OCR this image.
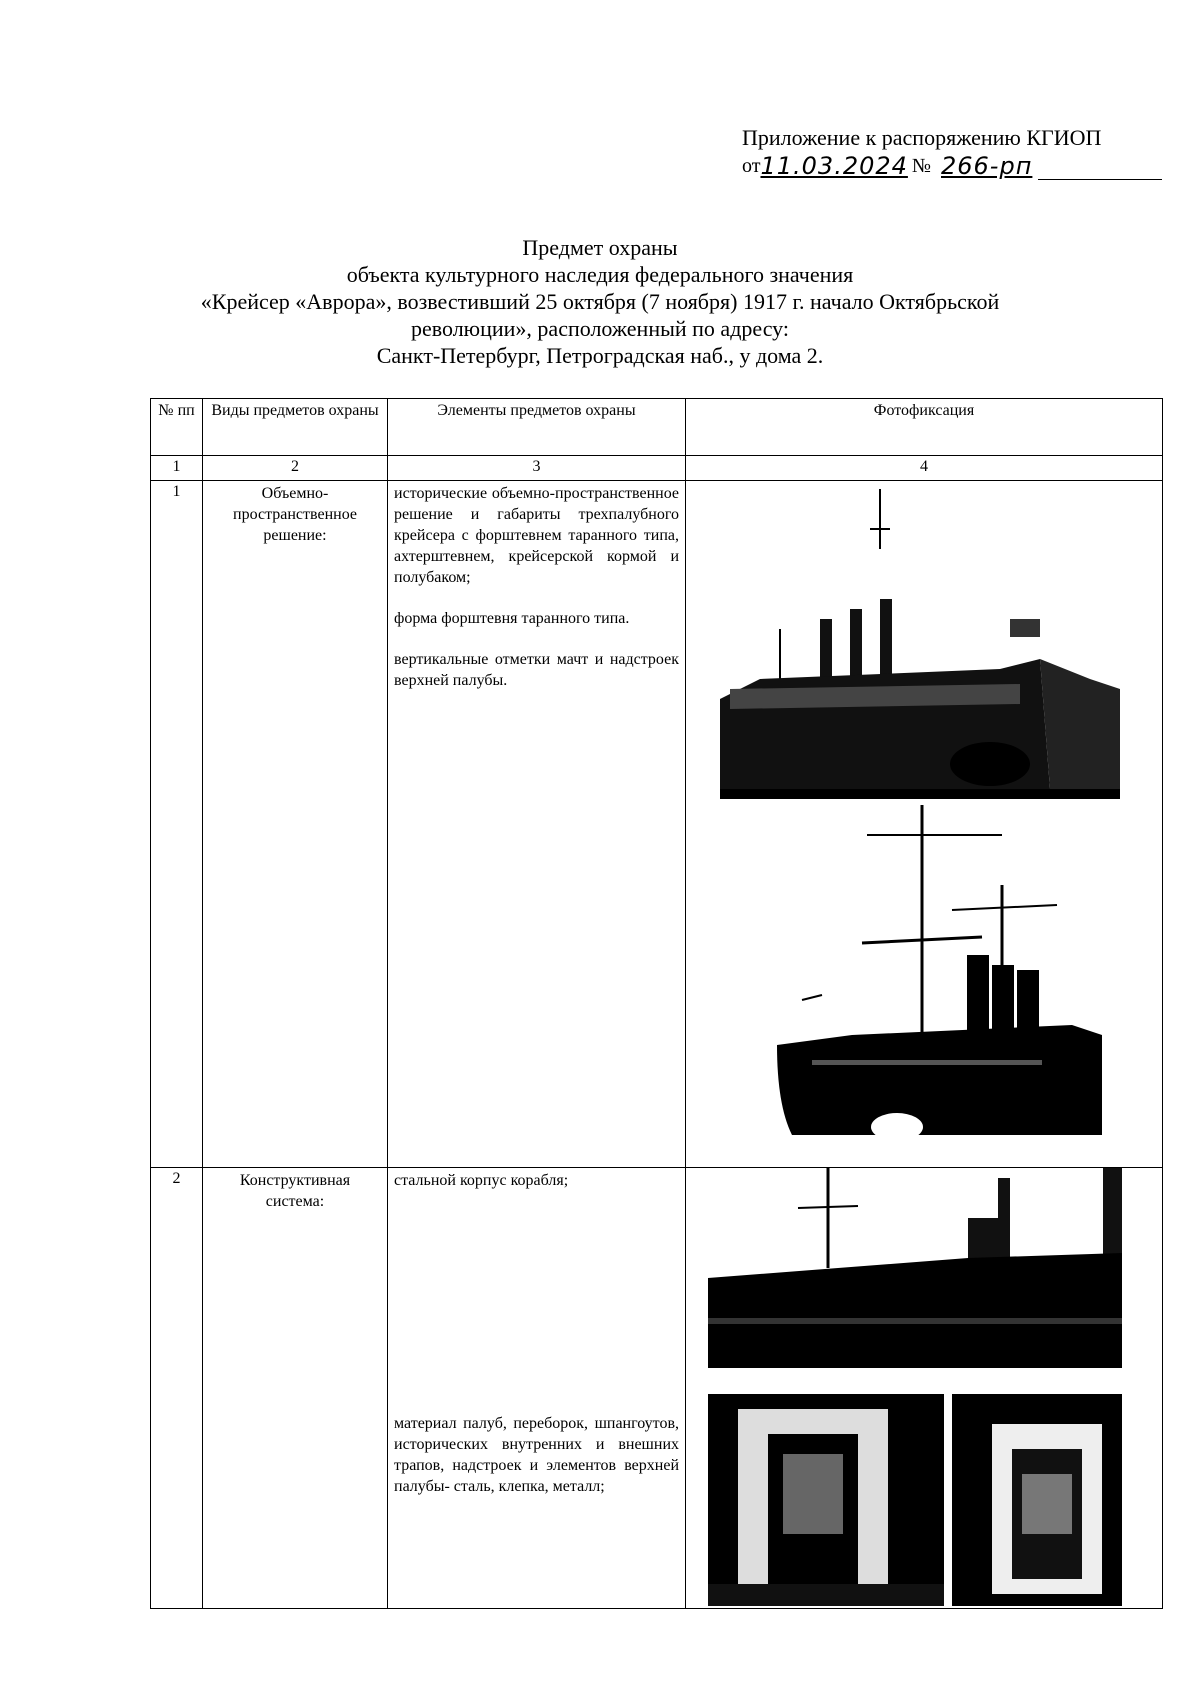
Приложение к распоряжению КГИОП
от 11.03.2024 № 266-рп
Предмет охраны
объекта культурного наследия федерального значения
«Крейсер «Аврора», возвестивший 25 октября (7 ноября) 1917 г. начало Октябрьской
революции», расположенный по адресу:
Санкт-Петербург, Петроградская наб., у дома 2.
№ пп	Виды предметов охраны	Элементы предметов охраны	Фотофиксация
1	2	3	4
1	Объемно-пространственное решение:	исторические объемно-пространственное решение и габариты трехпалубного крейсера с форштевнем таранного типа, ахтерштевнем, крейсерской кормой и полубаком;

форма форштевня таранного типа.

вертикальные отметки мачт и надстроек верхней палубы.

2	Конструктивная система:	стальной корпус корабля;

материал палуб, переборок, шпангоутов, исторических внутренних и внешних трапов, надстроек и элементов верхней палубы- сталь, клепка, металл;
